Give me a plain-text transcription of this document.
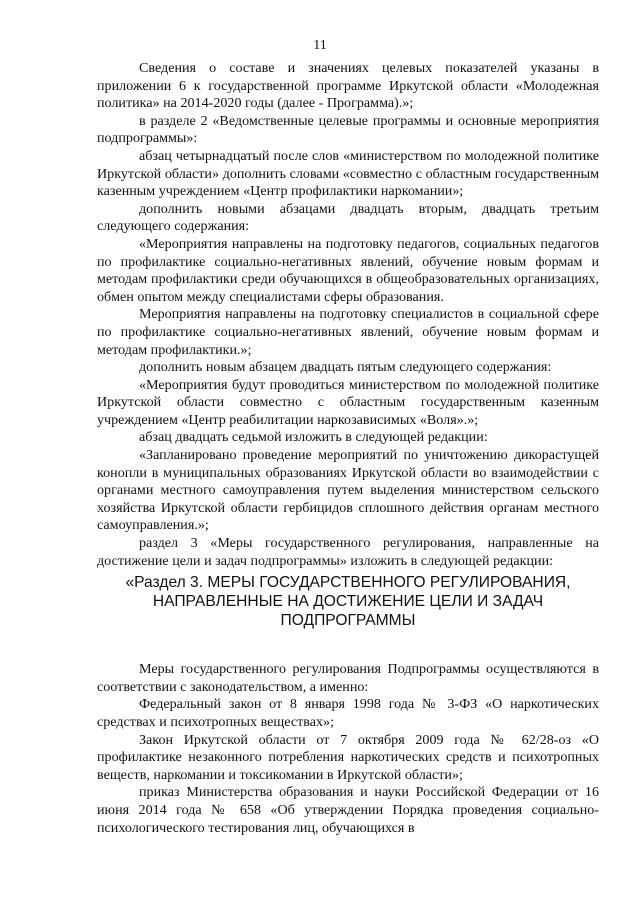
11

Сведения о составе и значениях целевых показателей указаны в приложении 6 к государственной программе Иркутской области «Молодежная политика» на 2014-2020 годы (далее - Программа).»;

в разделе 2 «Ведомственные целевые программы и основные мероприятия подпрограммы»:

абзац четырнадцатый после слов «министерством по молодежной политике Иркутской области» дополнить словами «совместно с областным государственным казенным учреждением «Центр профилактики наркомании»;

дополнить новыми абзацами двадцать вторым, двадцать третьим следующего содержания:

«Мероприятия направлены на подготовку педагогов, социальных педагогов по профилактике социально-негативных явлений, обучение новым формам и методам профилактики среди обучающихся в общеобразовательных организациях, обмен опытом между специалистами сферы образования.

Мероприятия направлены на подготовку специалистов в социальной сфере по профилактике социально-негативных явлений, обучение новым формам и методам профилактики.»;

дополнить новым абзацем двадцать пятым следующего содержания:

«Мероприятия будут проводиться министерством по молодежной политике Иркутской области совместно с областным государственным казенным учреждением «Центр реабилитации наркозависимых «Воля».»;

абзац двадцать седьмой изложить в следующей редакции:

«Запланировано проведение мероприятий по уничтожению дикорастущей конопли в муниципальных образованиях Иркутской области во взаимодействии с органами местного самоуправления путем выделения министерством сельского хозяйства Иркутской области гербицидов сплошного действия органам местного самоуправления.»;

раздел 3 «Меры государственного регулирования, направленные на достижение цели и задач подпрограммы» изложить в следующей редакции:

«Раздел 3. МЕРЫ ГОСУДАРСТВЕННОГО РЕГУЛИРОВАНИЯ,
НАПРАВЛЕННЫЕ НА ДОСТИЖЕНИЕ ЦЕЛИ И ЗАДАЧ
ПОДПРОГРАММЫ

Меры государственного регулирования Подпрограммы осуществляются в соответствии с законодательством, а именно:

Федеральный закон от 8 января 1998 года № 3-ФЗ «О наркотических средствах и психотропных веществах»;

Закон Иркутской области от 7 октября 2009 года № 62/28-оз «О профилактике незаконного потребления наркотических средств и психотропных веществ, наркомании и токсикомании в Иркутской области»;

приказ Министерства образования и науки Российской Федерации от 16 июня 2014 года № 658 «Об утверждении Порядка проведения социально-психологического тестирования лиц, обучающихся в
